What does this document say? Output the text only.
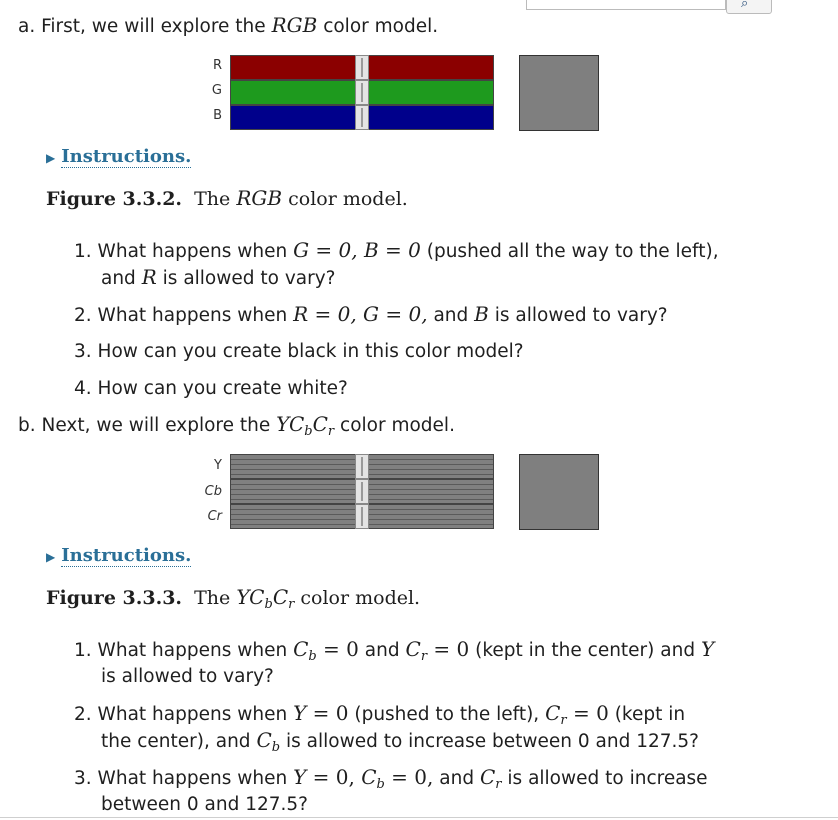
⌕
a. First, we will explore the RGB color model.
R
G
B
▶ Instructions.
Figure 3.3.2. The RGB color model.
1. What happens when G = 0, B = 0 (pushed all the way to the left),
and R is allowed to vary?
2. What happens when R = 0, G = 0, and B is allowed to vary?
3. How can you create black in this color model?
4. How can you create white?
b. Next, we will explore the $YC_bC_r$ color model.
Y
Cb
Cr
▶ Instructions.
Figure 3.3.3. The $YC_bC_r$ color model.
1. What happens when $C_b = 0$ and $C_r = 0$ (kept in the center) and Y
is allowed to vary?
2. What happens when Y = 0 (pushed to the left), $C_r = 0$ (kept in
the center), and $C_b$ is allowed to increase between 0 and 127.5?
3. What happens when Y = 0, $C_b = 0$, and $C_r$ is allowed to increase
between 0 and 127.5?
